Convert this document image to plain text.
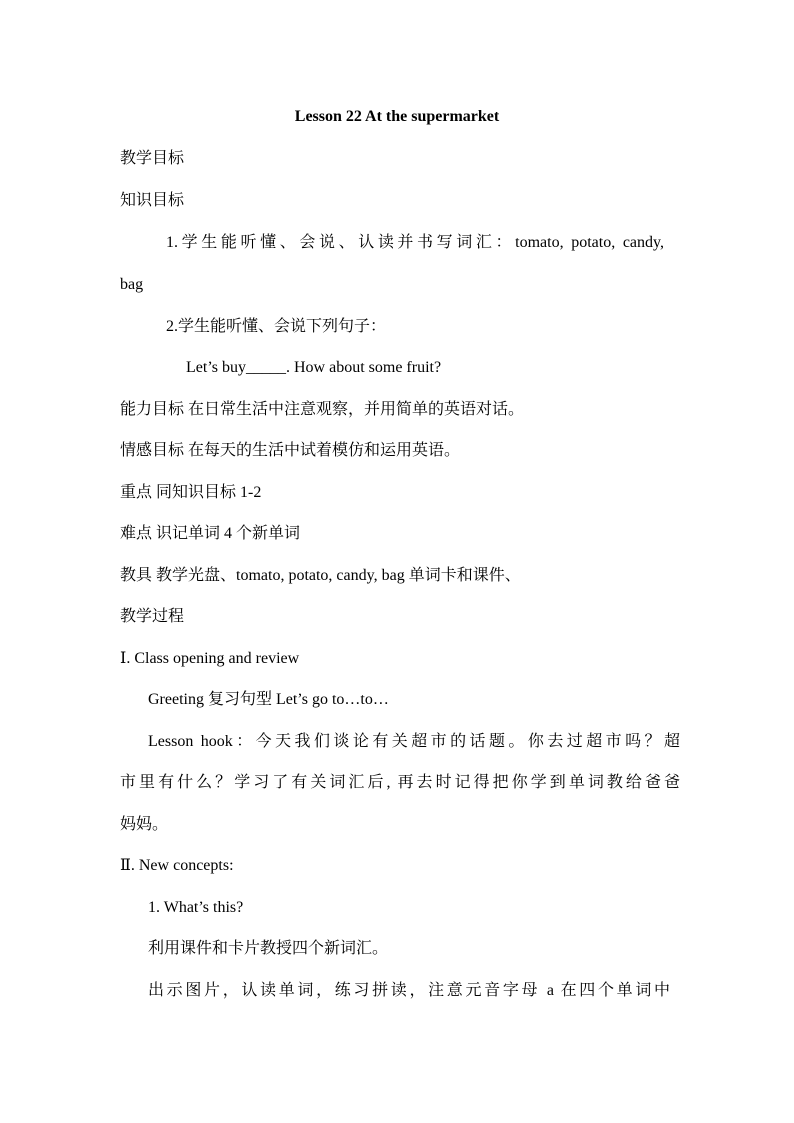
Lesson 22 At the supermarket
教学目标
知识目标
1.学生能听懂、会说、认读并书写词汇：tomato, potato, candy,
bag
2.学生能听懂、会说下列句子：
Let’s buy_____. How about some fruit?
能力目标 在日常生活中注意观察，并用简单的英语对话。
情感目标 在每天的生活中试着模仿和运用英语。
重点 同知识目标 1-2
难点 识记单词 4 个新单词
教具 教学光盘、tomato, potato, candy, bag 单词卡和课件、
教学过程
Ⅰ. Class opening and review
Greeting 复习句型 Let’s go to…to…
Lesson hook：今天我们谈论有关超市的话题。你去过超市吗？超
市里有什么？学习了有关词汇后, 再去时记得把你学到单词教给爸爸
妈妈。
Ⅱ. New concepts:
1. What’s this?
利用课件和卡片教授四个新词汇。
出示图片，认读单词，练习拼读，注意元音字母 a 在四个单词中
